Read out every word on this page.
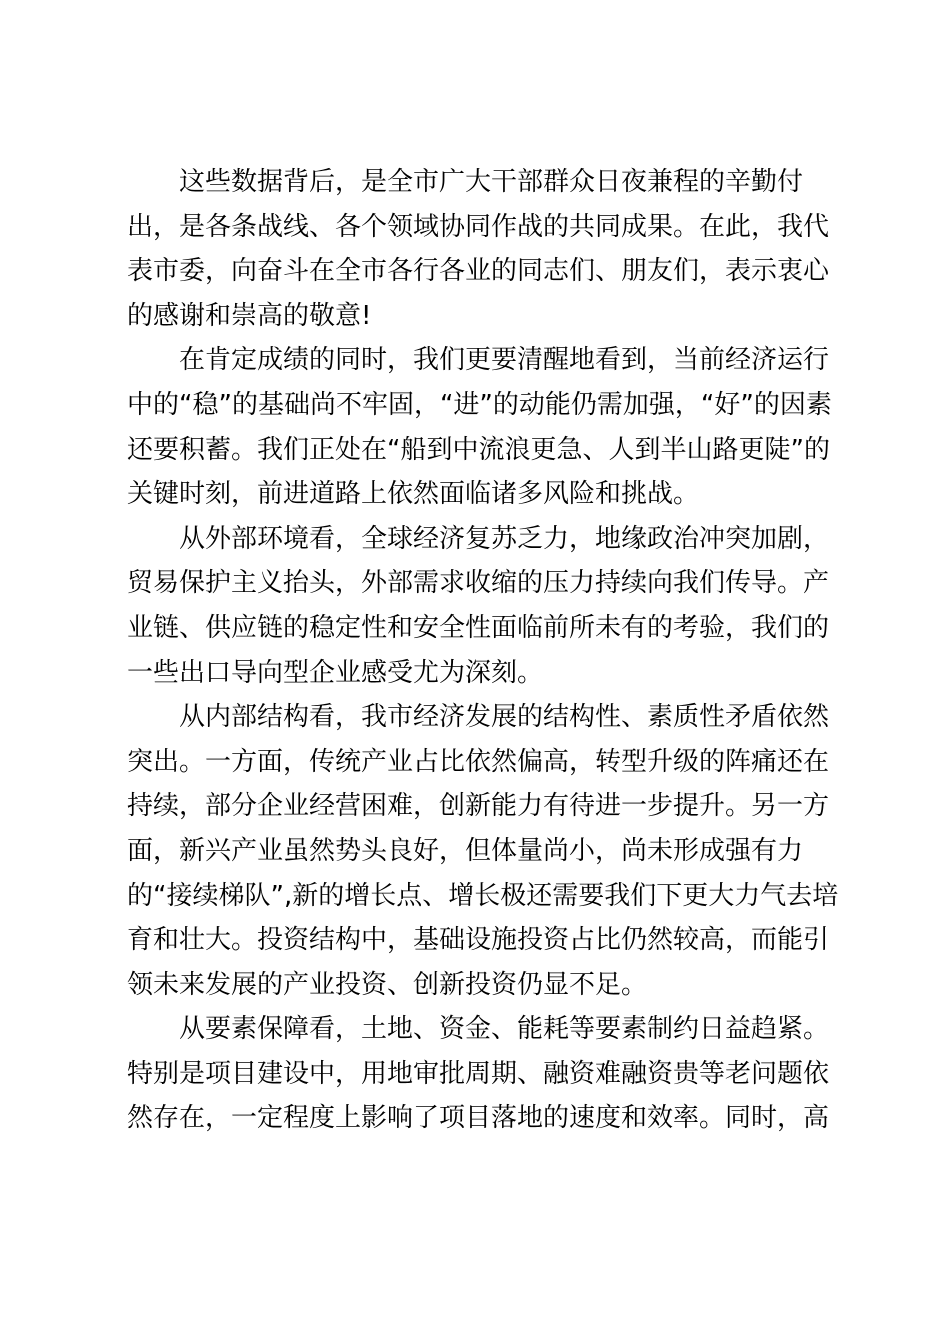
这些数据背后，是全市广大干部群众日夜兼程的辛勤付
出，是各条战线、各个领域协同作战的共同成果。在此，我代
表市委，向奋斗在全市各行各业的同志们、朋友们，表示衷心
的感谢和崇高的敬意!
在肯定成绩的同时，我们更要清醒地看到，当前经济运行
中的“稳”的基础尚不牢固，“进”的动能仍需加强，“好”的因素
还要积蓄。我们正处在“船到中流浪更急、人到半山路更陡”的
关键时刻，前进道路上依然面临诸多风险和挑战。
从外部环境看，全球经济复苏乏力，地缘政治冲突加剧，
贸易保护主义抬头，外部需求收缩的压力持续向我们传导。产
业链、供应链的稳定性和安全性面临前所未有的考验，我们的
一些出口导向型企业感受尤为深刻。
从内部结构看，我市经济发展的结构性、素质性矛盾依然
突出。一方面，传统产业占比依然偏高，转型升级的阵痛还在
持续，部分企业经营困难，创新能力有待进一步提升。另一方
面，新兴产业虽然势头良好，但体量尚小，尚未形成强有力
的“接续梯队”,新的增长点、增长极还需要我们下更大力气去培
育和壮大。投资结构中，基础设施投资占比仍然较高，而能引
领未来发展的产业投资、创新投资仍显不足。
从要素保障看，土地、资金、能耗等要素制约日益趋紧。
特别是项目建设中，用地审批周期、融资难融资贵等老问题依
然存在，一定程度上影响了项目落地的速度和效率。同时，高
